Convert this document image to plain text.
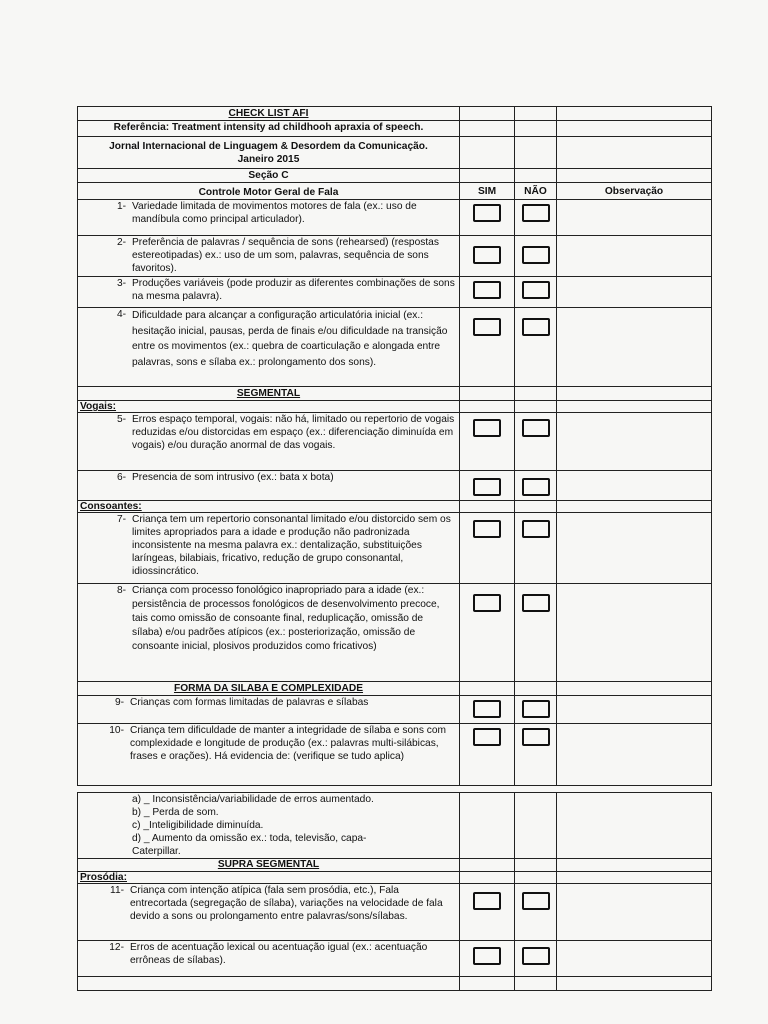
CHECK LIST AFI			
Referência: Treatment intensity ad childhooh apraxia of speech.			
Jornal Internacional de Linguagem & Desordem da Comunicação.
Janeiro 2015			
Seção C			
Controle Motor Geral de Fala	SIM	NÃO	Observação

1- Variedade limitada de movimentos motores de fala (ex.: uso de mandíbula como principal articulador).			

2- Preferência de palavras / sequência de sons (rehearsed) (respostas estereotipadas) ex.: uso de um som, palavras, sequência de sons favoritos).			

3- Produções variáveis (pode produzir as diferentes combinações de sons na mesma palavra).			

4- Dificuldade para alcançar a configuração articulatória inicial (ex.: hesitação inicial, pausas, perda de finais e/ou dificuldade na transição entre os movimentos (ex.: quebra de coarticulação e alongada entre palavras, sons e sílaba ex.: prolongamento dos sons).			

SEGMENTAL			
Vogais:			

5- Erros espaço temporal, vogais: não há, limitado ou repertorio de vogais reduzidas e/ou distorcidas em espaço (ex.: diferenciação diminuída em vogais) e/ou duração anormal de das vogais.			

6- Presencia de som intrusivo (ex.: bata x bota)			

Consoantes:			

7- Criança tem um repertorio consonantal limitado e/ou distorcido sem os limites apropriados para a idade e produção não padronizada inconsistente na mesma palavra ex.: dentalização, substituições laríngeas, bilabiais, fricativo, redução de grupo consonantal, idiossincrático.			

8- Criança com processo fonológico inapropriado para a idade (ex.: persistência de processos fonológicos de desenvolvimento precoce, tais como omissão de consoante final, reduplicação, omissão de sílaba) e/ou padrões atípicos (ex.: posteriorização, omissão de consoante inicial, plosivos produzidos como fricativos)			

FORMA DA SILABA E COMPLEXIDADE			

9- Crianças com formas limitadas de palavras e sílabas			

10- Criança tem dificuldade de manter a integridade de sílaba e sons com complexidade e longitude de produção (ex.: palavras multi-silábicas, frases e orações). Há evidencia de: (verifique se tudo aplica)			

a) _ Inconsistência/variabilidade de erros aumentado.
b) _ Perda de som.
c) _Inteligibilidade diminuída.
d) _ Aumento da omissão ex.: toda, televisão, capa-
Caterpillar.			

SUPRA SEGMENTAL			
Prosódia:			

11- Criança com intenção atípica (fala sem prosódia, etc.), Fala entrecortada (segregação de sílaba), variações na velocidade de fala devido a sons ou prolongamento entre palavras/sons/sílabas.			

12- Erros de acentuação lexical ou acentuação igual (ex.: acentuação errôneas de sílabas).			
